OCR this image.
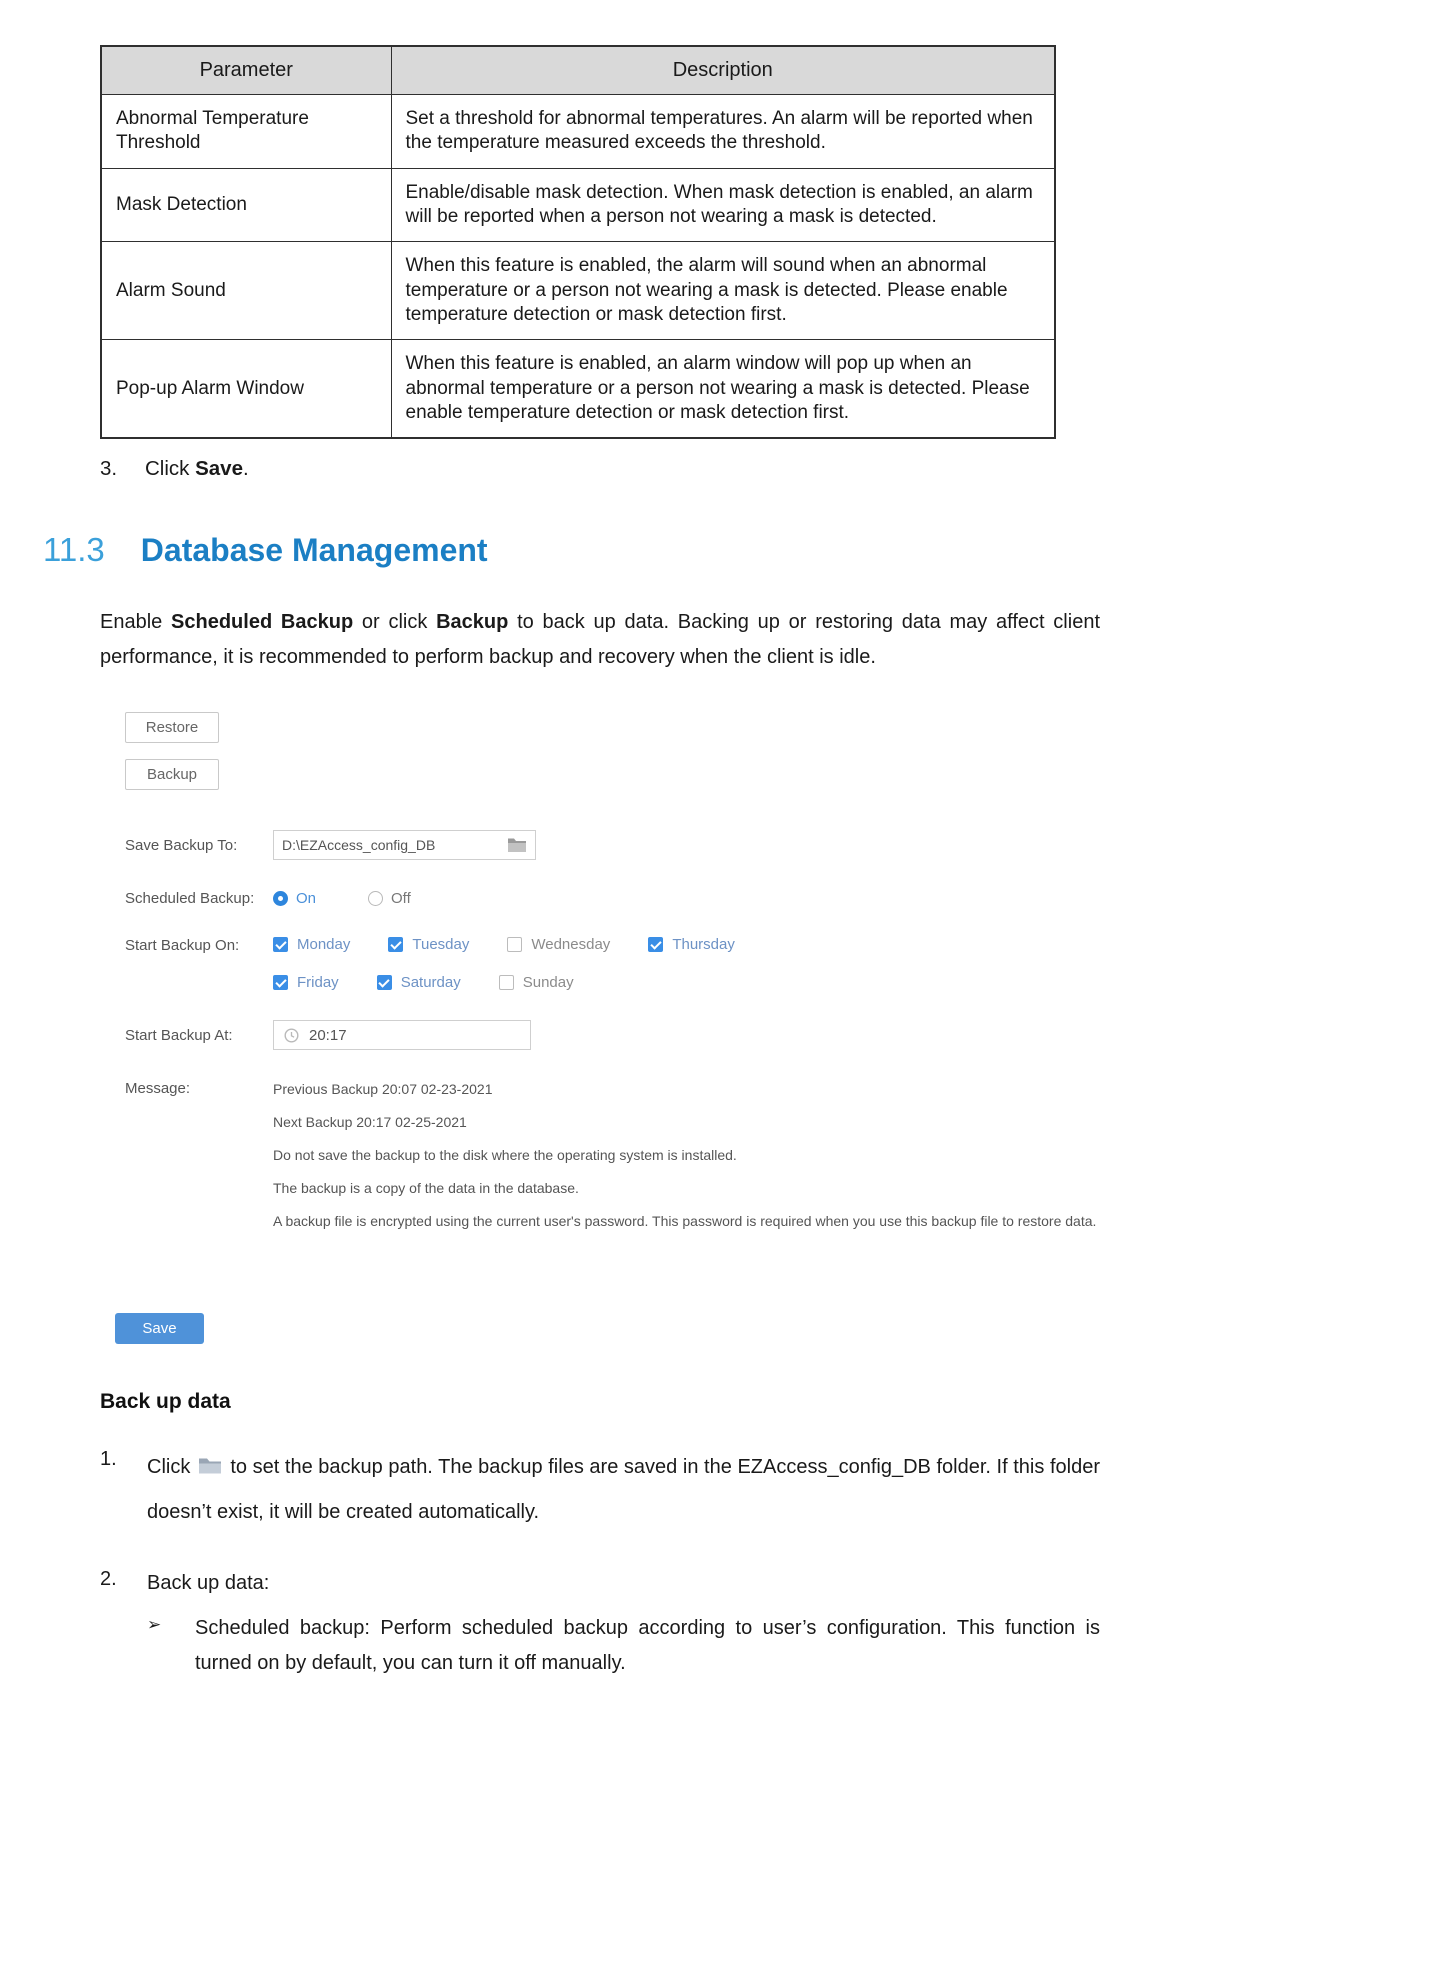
Parameter	Description
Abnormal Temperature Threshold	Set a threshold for abnormal temperatures. An alarm will be reported when the temperature measured exceeds the threshold.
Mask Detection	Enable/disable mask detection. When mask detection is enabled, an alarm will be reported when a person not wearing a mask is detected.
Alarm Sound	When this feature is enabled, the alarm will sound when an abnormal temperature or a person not wearing a mask is detected. Please enable temperature detection or mask detection first.
Pop-up Alarm Window	When this feature is enabled, an alarm window will pop up when an abnormal temperature or a person not wearing a mask is detected. Please enable temperature detection or mask detection first.

3. Click Save.

11.3 Database Management

Enable Scheduled Backup or click Backup to back up data. Backing up or restoring data may affect client performance, it is recommended to perform backup and recovery when the client is idle.

Restore
Backup
Save Backup To:	D:\EZAccess_config_DB
Scheduled Backup:	On	Off
Start Backup On:	Monday	Tuesday	Wednesday	Thursday
Friday	Saturday	Sunday
Start Backup At:	20:17
Message:	Previous Backup 20:07 02-23-2021

Next Backup 20:17 02-25-2021

Do not save the backup to the disk where the operating system is installed.

The backup is a copy of the data in the database.

A backup file is encrypted using the current user's password. This password is required when you use this backup file to restore data.

Save
Back up data
1.	Click to set the backup path. The backup files are saved in the EZAccess_config_DB folder. If this folder doesn’t exist, it will be created automatically.

2.	Back up data:

➢	Scheduled backup: Perform scheduled backup according to user’s configuration. This function is turned on by default, you can turn it off manually.
